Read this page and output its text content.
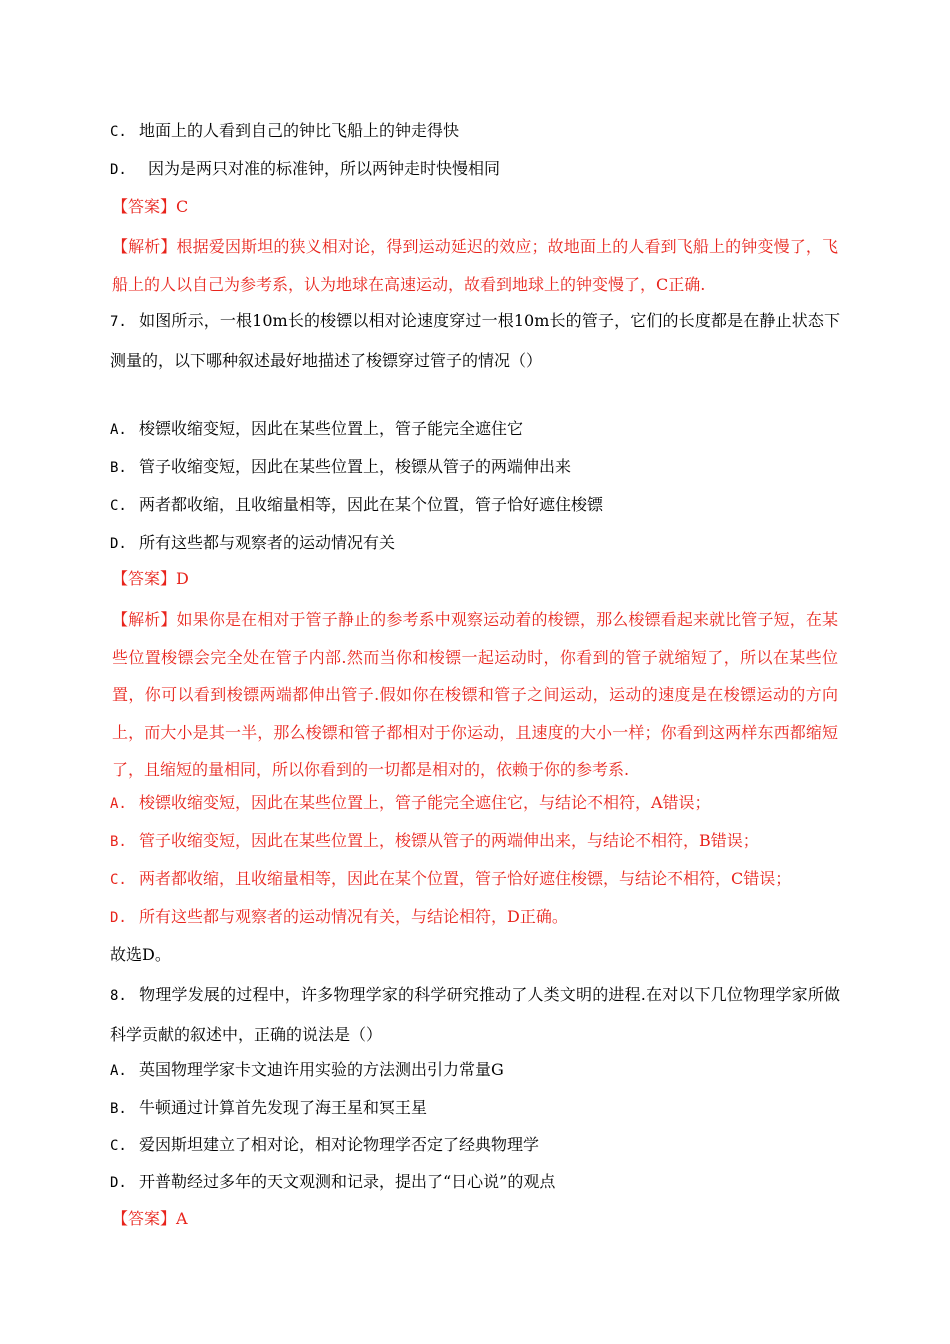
C. 地面上的人看到自己的钟比飞船上的钟走得快
D. 因为是两只对准的标准钟，所以两钟走时快慢相同
【答案】C
【解析】根据爱因斯坦的狭义相对论，得到运动延迟的效应；故地面上的人看到飞船上的钟变慢了，飞船上的人以自己为参考系，认为地球在高速运动，故看到地球上的钟变慢了，C正确.
7. 如图所示，一根10m长的梭镖以相对论速度穿过一根10m长的管子，它们的长度都是在静止状态下测量的，以下哪种叙述最好地描述了梭镖穿过管子的情况（）
A. 梭镖收缩变短，因此在某些位置上，管子能完全遮住它
B. 管子收缩变短，因此在某些位置上，梭镖从管子的两端伸出来
C. 两者都收缩，且收缩量相等，因此在某个位置，管子恰好遮住梭镖
D. 所有这些都与观察者的运动情况有关
【答案】D
【解析】如果你是在相对于管子静止的参考系中观察运动着的梭镖，那么梭镖看起来就比管子短，在某些位置梭镖会完全处在管子内部.然而当你和梭镖一起运动时，你看到的管子就缩短了，所以在某些位置，你可以看到梭镖两端都伸出管子.假如你在梭镖和管子之间运动，运动的速度是在梭镖运动的方向上，而大小是其一半，那么梭镖和管子都相对于你运动，且速度的大小一样；你看到这两样东西都缩短了，且缩短的量相同，所以你看到的一切都是相对的，依赖于你的参考系.
A. 梭镖收缩变短，因此在某些位置上，管子能完全遮住它，与结论不相符，A错误；
B. 管子收缩变短，因此在某些位置上，梭镖从管子的两端伸出来，与结论不相符，B错误；
C. 两者都收缩，且收缩量相等，因此在某个位置，管子恰好遮住梭镖，与结论不相符，C错误；
D. 所有这些都与观察者的运动情况有关，与结论相符，D正确。
故选D。
8. 物理学发展的过程中，许多物理学家的科学研究推动了人类文明的进程.在对以下几位物理学家所做科学贡献的叙述中，正确的说法是（）
A. 英国物理学家卡文迪许用实验的方法测出引力常量G
B. 牛顿通过计算首先发现了海王星和冥王星
C. 爱因斯坦建立了相对论，相对论物理学否定了经典物理学
D. 开普勒经过多年的天文观测和记录，提出了“日心说”的观点
【答案】A
